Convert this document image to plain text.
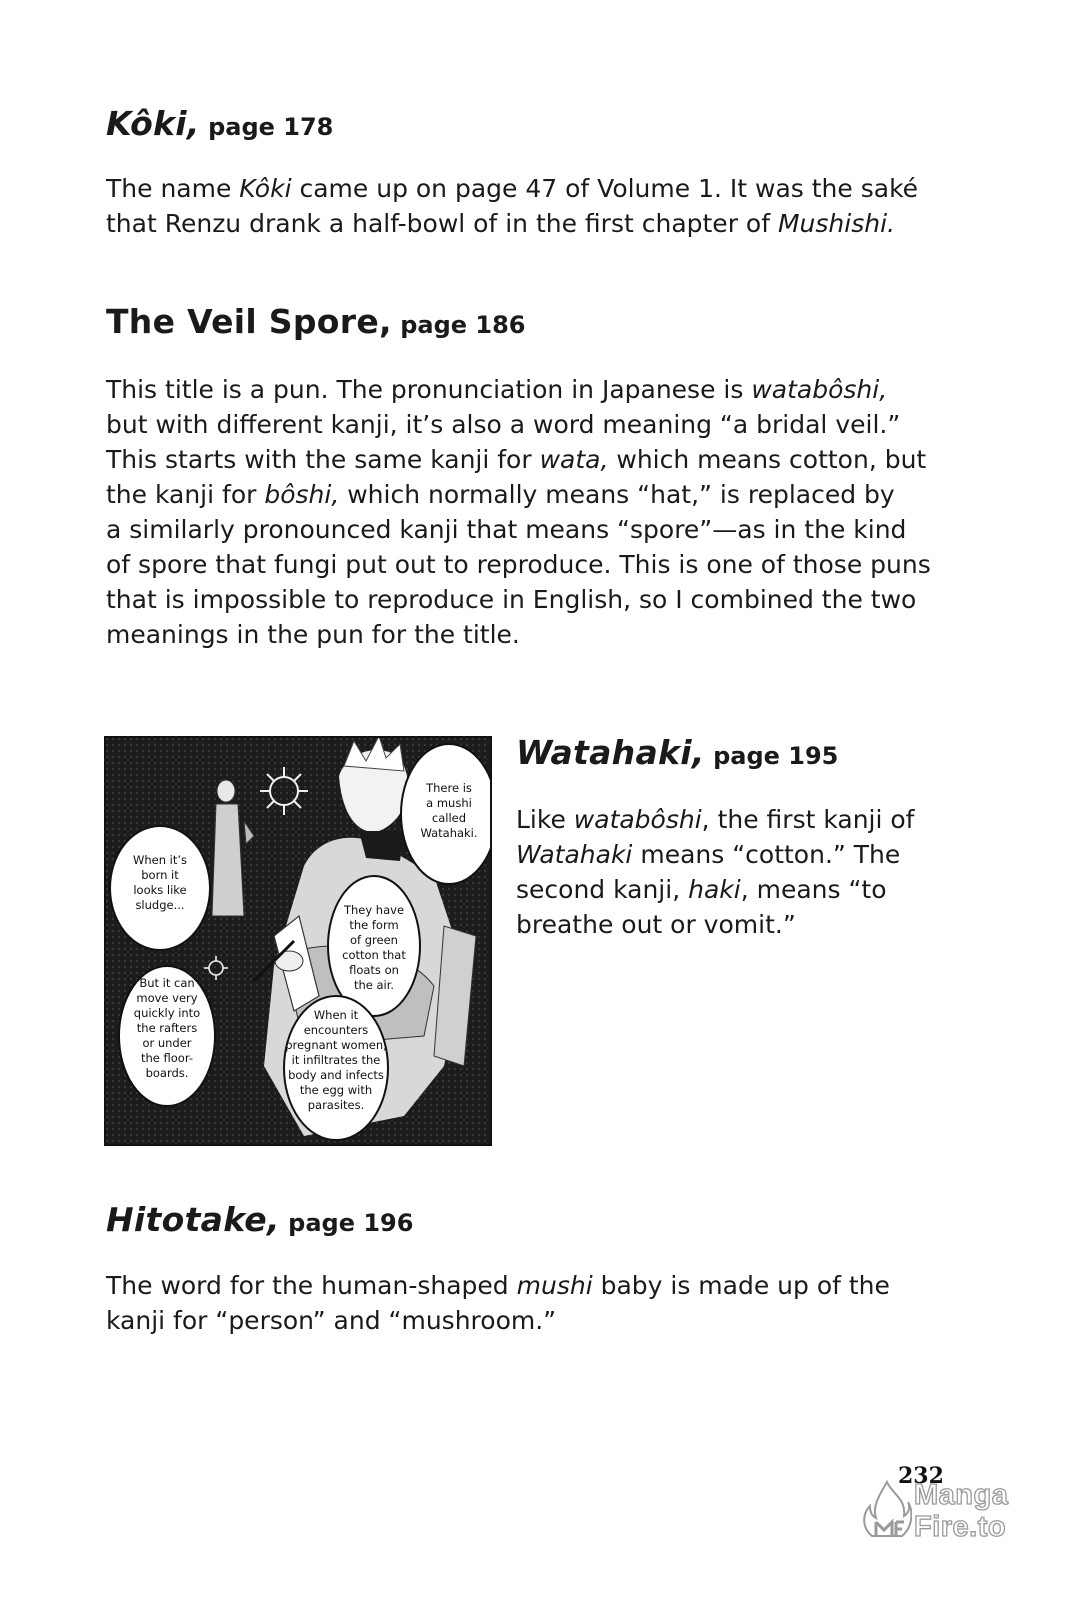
Kôki, page 178

The name Kôki came up on page 47 of Volume 1. It was the saké
that Renzu drank a half-bowl of in the first chapter of Mushishi.

The Veil Spore, page 186

This title is a pun. The pronunciation in Japanese is watabôshi,
but with different kanji, it’s also a word meaning “a bridal veil.”
This starts with the same kanji for wata, which means cotton, but
the kanji for bôshi, which normally means “hat,” is replaced by
a similarly pronounced kanji that means “spore”—as in the kind
of spore that fungi put out to reproduce. This is one of those puns
that is impossible to reproduce in English, so I combined the two
meanings in the pun for the title.

There is a mushi called Watahaki.
When it’s born it looks like sludge...	They have the form of green cotton that floats on the air.
But it can move very quickly into the rafters or under the floor-boards.
When it encounters pregnant women, it infiltrates the body and infects the egg with parasites.
Watahaki, page 195

Like watabôshi, the first kanji of
Watahaki means “cotton.” The
second kanji, haki, means “to
breathe out or vomit.”

Hitotake, page 196

The word for the human-shaped mushi baby is made up of the
kanji for “person” and “mushroom.”

232
Manga
Fire.to
